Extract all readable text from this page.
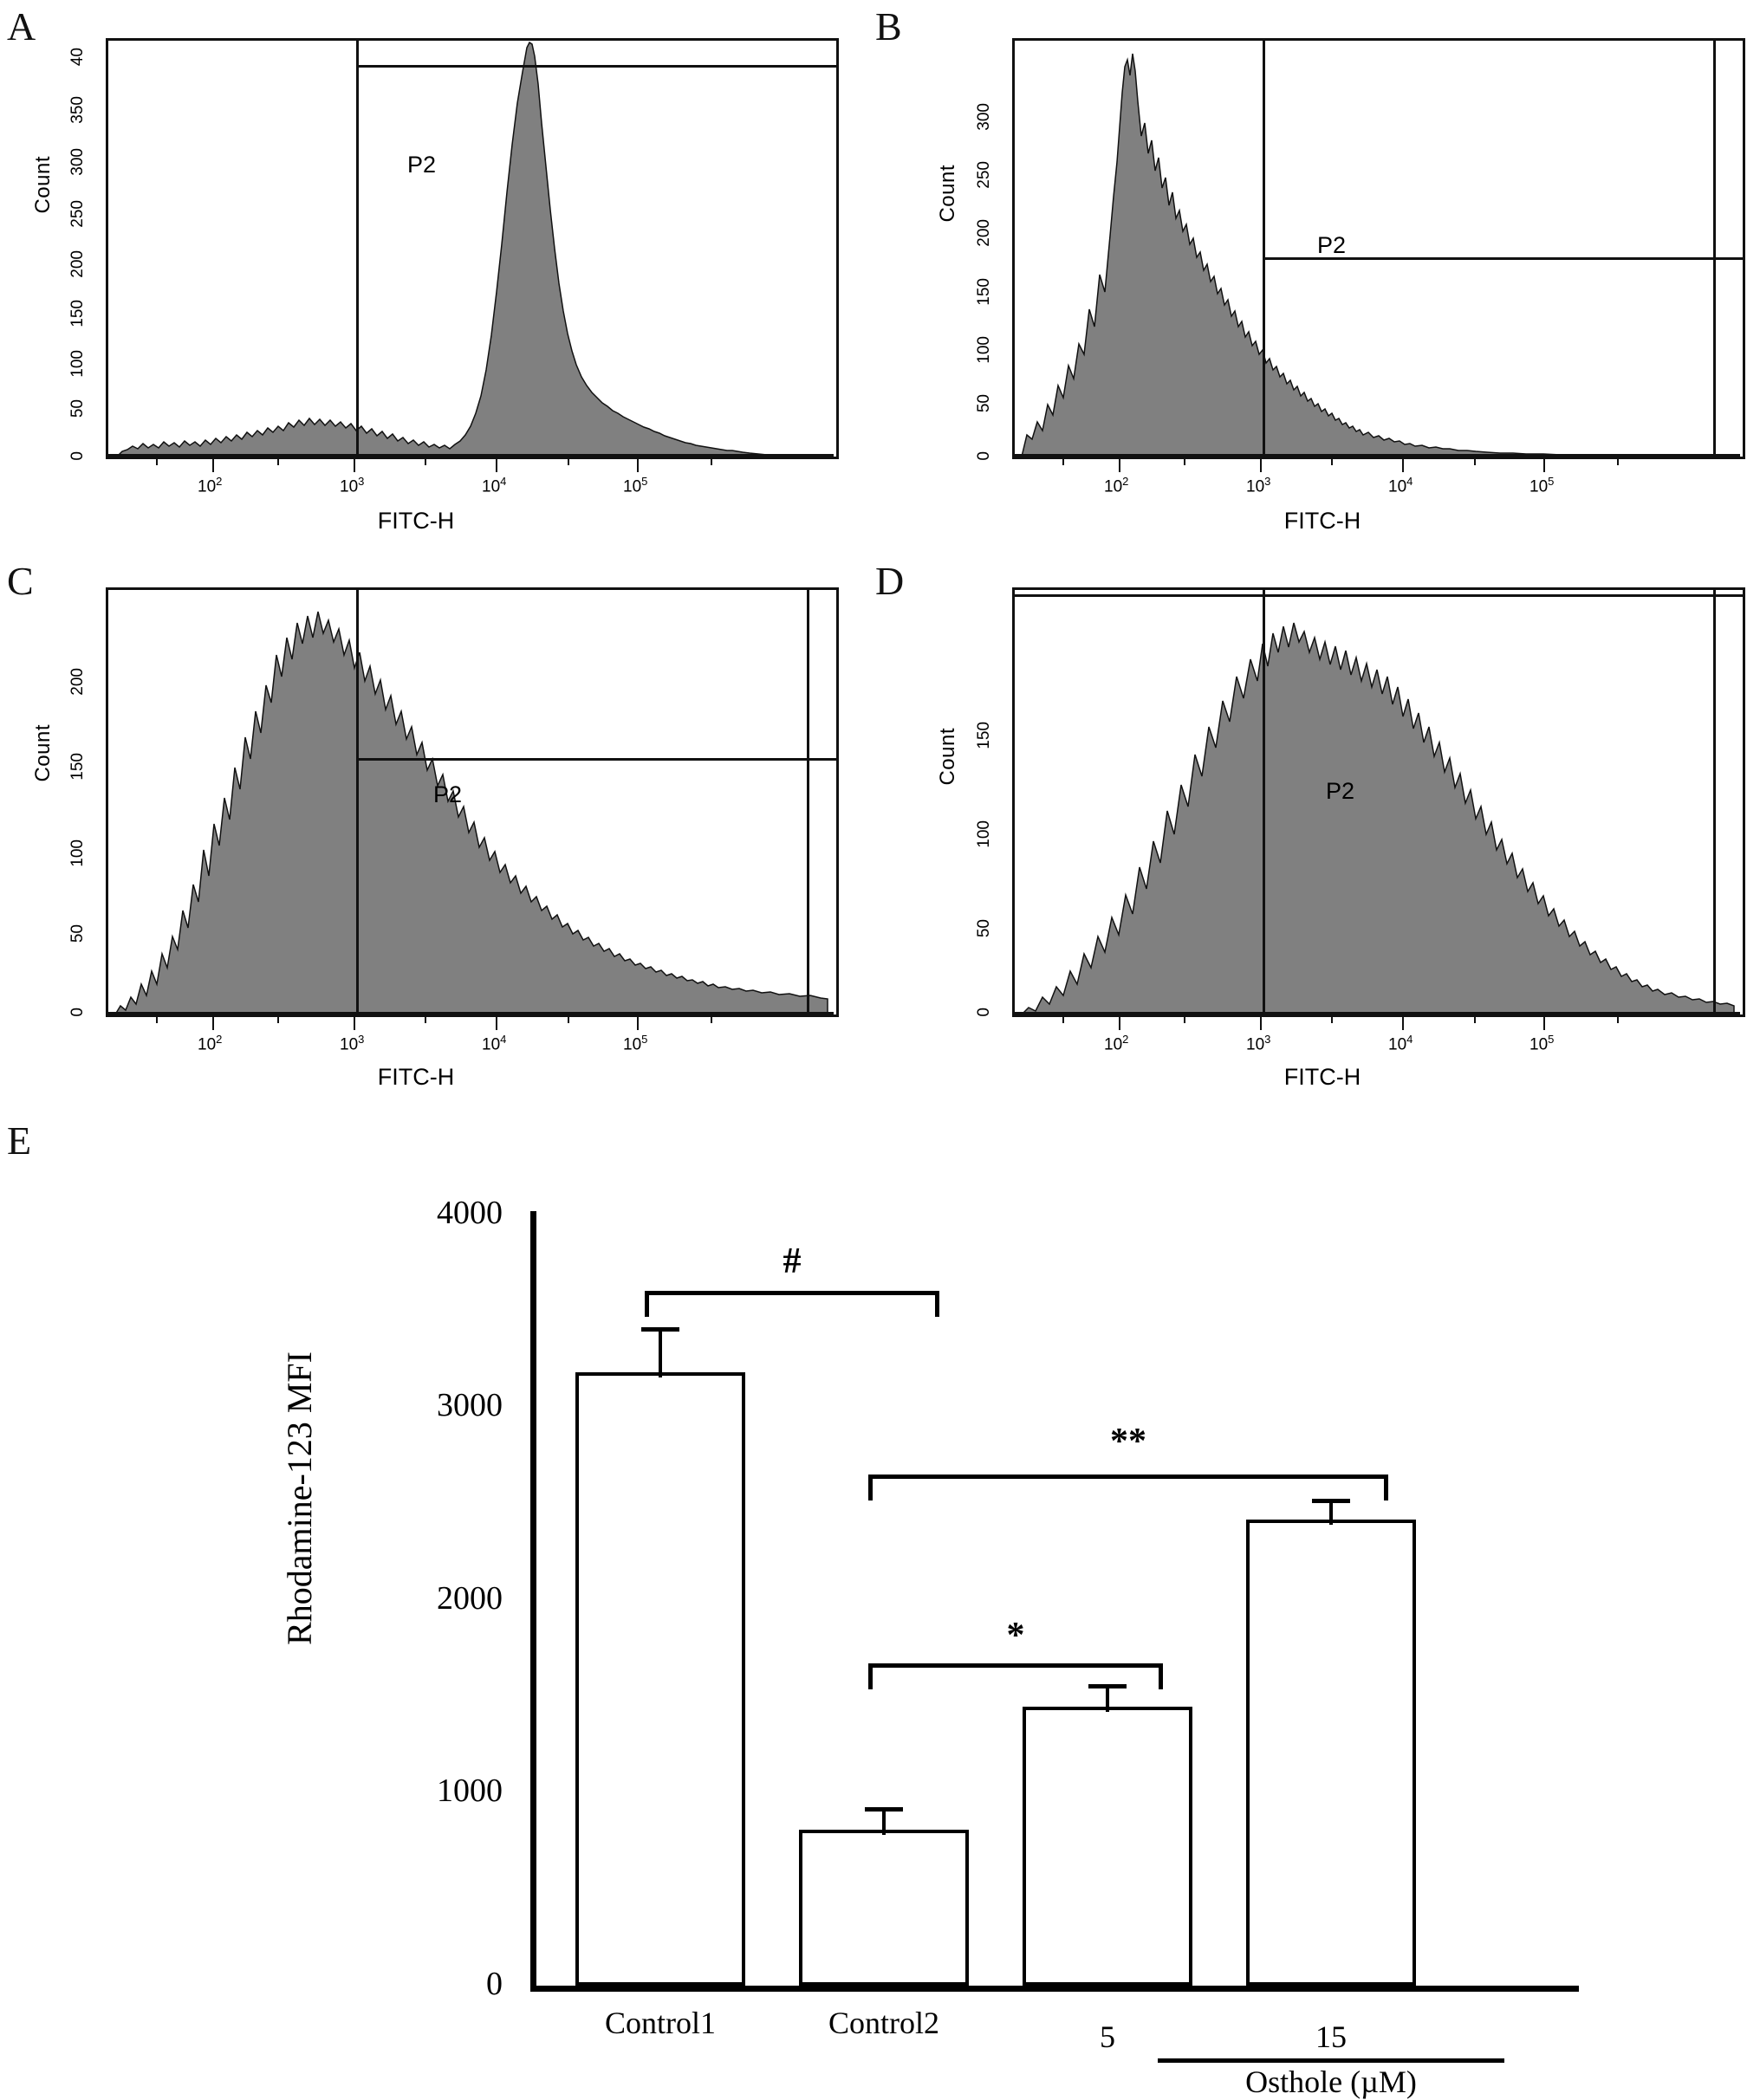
A
Count
0
50
100
150
200
250
300
350
40
P2
$10^2$	$10^3$	$10^4$	$10^5$
FITC-H
B
Count
0
50
100
150
200
250
300
P2
$10^2$	$10^3$	$10^4$	$10^5$
FITC-H
C
Count
0
50
100
150
200
P2
$10^2$	$10^3$	$10^4$	$10^5$
FITC-H
D
Count
0
50
100
150
P2
$10^2$	$10^3$	$10^4$	$10^5$
FITC-H
E
Rhodamine-123 MFI
4000
3000
2000
1000
0
#
*
**
Control1	Control2	5	15
Osthole (µM)
